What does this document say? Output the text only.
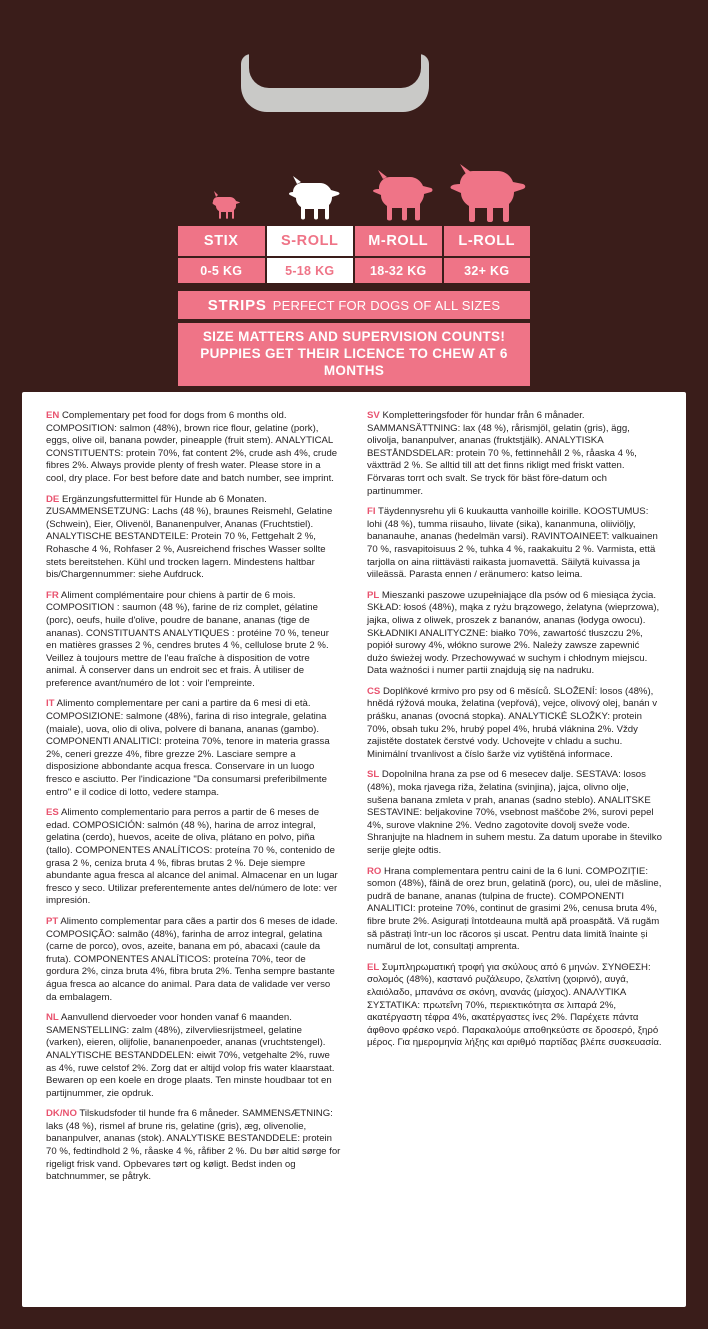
STIX	S-ROLL	M-ROLL	L-ROLL
0-5 KG	5-18 KG	18-32 KG	32+ KG
STRIPS PERFECT FOR DOGS OF ALL SIZES
SIZE MATTERS AND SUPERVISION COUNTS!
PUPPIES GET THEIR LICENCE TO CHEW AT 6 MONTHS
EN Complementary pet food for dogs from 6 months old. COMPOSITION: salmon (48%), brown rice flour, gelatine (pork), eggs, olive oil, banana powder, pineapple (fruit stem). ANALYTICAL CONSTITUENTS: protein 70%, fat content 2%, crude ash 4%, crude fibres 2%. Always provide plenty of fresh water. Please store in a cool, dry place. For best before date and batch number, see imprint.
DE Ergänzungsfuttermittel für Hunde ab 6 Monaten. ZUSAMMENSETZUNG: Lachs (48 %), braunes Reismehl, Gelatine (Schwein), Eier, Olivenöl, Bananenpulver, Ananas (Fruchtstiel). ANALYTISCHE BESTANDTEILE: Protein 70 %, Fettgehalt 2 %, Rohasche 4 %, Rohfaser 2 %, Ausreichend frisches Wasser sollte stets bereitstehen. Kühl und trocken lagern. Mindestens haltbar bis/Chargennummer: siehe Aufdruck.
FR Aliment complémentaire pour chiens à partir de 6 mois. COMPOSITION : saumon (48 %), farine de riz complet, gélatine (porc), oeufs, huile d'olive, poudre de banane, ananas (tige de ananas). CONSTITUANTS ANALYTIQUES : protéine 70 %, teneur en matières grasses 2 %, cendres brutes 4 %, cellulose brute 2 %. Veillez à toujours mettre de l'eau fraîche à disposition de votre animal. À conserver dans un endroit sec et frais. À utiliser de preference avant/numéro de lot : voir l'empreinte.
IT Alimento complementare per cani a partire da 6 mesi di età. COMPOSIZIONE: salmone (48%), farina di riso integrale, gelatina (maiale), uova, olio di oliva, polvere di banana, ananas (gambo). COMPONENTI ANALITICI: proteina 70%, tenore in materia grassa 2%, ceneri grezze 4%, fibre grezze 2%. Lasciare sempre a disposizione abbondante acqua fresca. Conservare in un luogo fresco e asciutto. Per l'indicazione "Da consumarsi preferibilmente entro" e il codice di lotto, vedere stampa.
ES Alimento complementario para perros a partir de 6 meses de edad. COMPOSICIÓN: salmón (48 %), harina de arroz integral, gelatina (cerdo), huevos, aceite de oliva, plátano en polvo, piña (tallo). COMPONENTES ANALÍTICOS: proteína 70 %, contenido de grasa 2 %, ceniza bruta 4 %, fibras brutas 2 %. Deje siempre abundante agua fresca al alcance del animal. Almacenar en un lugar fresco y seco. Utilizar preferentemente antes del/número de lote: ver impresión.
PT Alimento complementar para cães a partir dos 6 meses de idade. COMPOSIÇÃO: salmão (48%), farinha de arroz integral, gelatina (carne de porco), ovos, azeite, banana em pó, abacaxi (caule da fruta). COMPONENTES ANALÍTICOS: proteína 70%, teor de gordura 2%, cinza bruta 4%, fibra bruta 2%. Tenha sempre bastante água fresca ao alcance do animal. Para data de validade ver verso da embalagem.
NL Aanvullend diervoeder voor honden vanaf 6 maanden. SAMENSTELLING: zalm (48%), zilvervliesrijstmeel, gelatine (varken), eieren, olijfolie, bananenpoeder, ananas (vruchtstengel). ANALYTISCHE BESTANDDELEN: eiwit 70%, vetgehalte 2%, ruwe as 4%, ruwe celstof 2%. Zorg dat er altijd volop fris water klaarstaat. Bewaren op een koele en droge plaats. Ten minste houdbaar tot en partijnummer, zie opdruk.
DK/NO Tilskudsfoder til hunde fra 6 måneder. SAMMENSÆTNING: laks (48 %), rismel af brune ris, gelatine (gris), æg, olivenolie, bananpulver, ananas (stok). ANALYTISKE BESTANDDELE: protein 70 %, fedtindhold 2 %, råaske 4 %, råfiber 2 %. Du bør altid sørge for rigeligt frisk vand. Opbevares tørt og køligt. Bedst inden og batchnummer, se påtryk.
SV Kompletteringsfoder för hundar från 6 månader. SAMMANSÄTTNING: lax (48 %), rårismjöl, gelatin (gris), ägg, olivolja, bananpulver, ananas (fruktstjälk). ANALYTISKA BESTÅNDSDELAR: protein 70 %, fettinnehåll 2 %, råaska 4 %, växtträd 2 %. Se alltid till att det finns rikligt med friskt vatten. Förvaras torrt och svalt. Se tryck för bäst före-datum och partinummer.
FI Täydennysrehu yli 6 kuukautta vanhoille koirille. KOOSTUMUS: lohi (48 %), tumma riisauho, liivate (sika), kananmuna, oliiviöljy, bananauhe, ananas (hedelmän varsi). RAVINTOAINEET: valkuainen 70 %, rasvapitoisuus 2 %, tuhka 4 %, raakakuitu 2 %. Varmista, että tarjolla on aina riittävästi raikasta juomavettä. Säilytä kuivassa ja viileässä. Parasta ennen / eränumero: katso leima.
PL Mieszanki paszowe uzupełniające dla psów od 6 miesiąca życia. SKŁAD: łosoś (48%), mąka z ryżu brązowego, żelatyna (wieprzowa), jajka, oliwa z oliwek, proszek z bananów, ananas (łodyga owocu). SKŁADNIKI ANALITYCZNE: białko 70%, zawartość tłuszczu 2%, popiół surowy 4%, włókno surowe 2%. Należy zawsze zapewnić dużo świeżej wody. Przechowywać w suchym i chłodnym miejscu. Data ważności i numer partii znajdują się na nadruku.
CS Doplňkové krmivo pro psy od 6 měsíců. SLOŽENÍ: losos (48%), hnědá rýžová mouka, želatina (vepřová), vejce, olivový olej, banán v prášku, ananas (ovocná stopka). ANALYTICKÉ SLOŽKY: protein 70%, obsah tuku 2%, hrubý popel 4%, hrubá vláknina 2%. Vždy zajistěte dostatek čerstvé vody. Uchovejte v chladu a suchu. Minimální trvanlivost a číslo šarže viz vytištěná informace.
SL Dopolnilna hrana za pse od 6 mesecev dalje. SESTAVA: losos (48%), moka rjavega riža, želatina (svinjina), jajca, olivno olje, sušena banana zmleta v prah, ananas (sadno steblo). ANALITSKE SESTAVINE: beljakovine 70%, vsebnost maščobe 2%, surovi pepel 4%, surove vlaknine 2%. Vedno zagotovite dovolj sveže vode. Shranjujte na hladnem in suhem mestu. Za datum uporabe in številko serije glejte odtis.
RO Hrana complementara pentru caini de la 6 luni. COMPOZIȚIE: somon (48%), făină de orez brun, gelatină (porc), ou, ulei de măsline, pudră de banane, ananas (tulpina de fructe). COMPONENTI ANALITICI: proteine 70%, continut de grasimi 2%, cenusa bruta 4%, fibre brute 2%. Asigurați întotdeauna multă apă proaspătă. Vă rugăm să păstrați într-un loc răcoros și uscat. Pentru data limită înainte și numărul de lot, consultați amprenta.
EL Συμπληρωματική τροφή για σκύλους από 6 μηνών. ΣΥΝΘΕΣΗ: σολομός (48%), καστανό ρυζάλευρο, ζελατίνη (χοιρινό), αυγά, ελαιόλαδο, μπανάνα σε σκόνη, ανανάς (μίσχος). ΑΝΑΛΥΤΙΚΑ ΣΥΣΤΑΤΙΚΑ: πρωτεΐνη 70%, περιεκτικότητα σε λιπαρά 2%, ακατέργαστη τέφρα 4%, ακατέργαστες ίνες 2%. Παρέχετε πάντα άφθονο φρέσκο νερό. Παρακαλούμε αποθηκεύστε σε δροσερό, ξηρό μέρος. Για ημερομηνία λήξης και αριθμό παρτίδας βλέπε συσκευασία.
